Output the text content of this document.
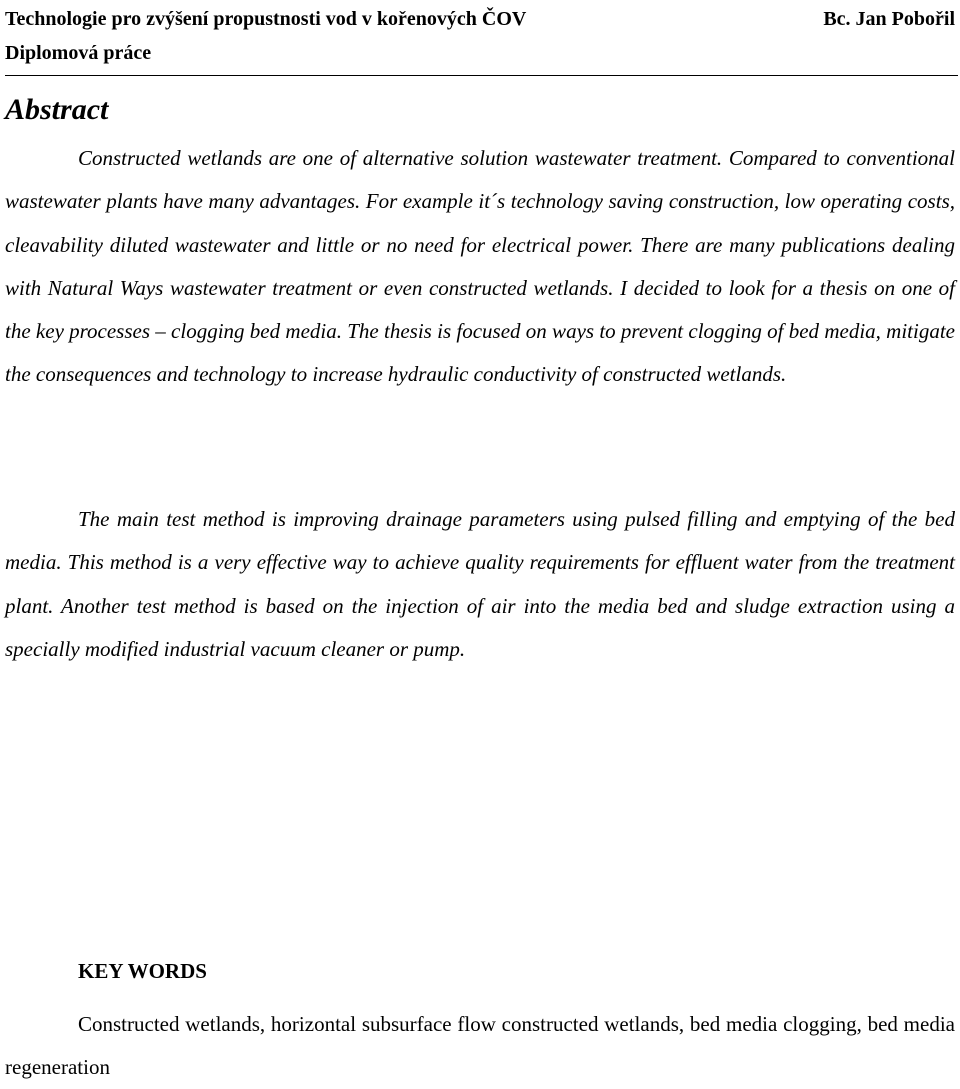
Technologie pro zvýšení propustnosti vod v kořenových ČOV	Bc. Jan Pobořil
Diplomová práce
Abstract

Constructed wetlands are one of alternative solution wastewater treatment. Compared to conventional wastewater plants have many advantages. For example it´s technology saving construction, low operating costs, cleavability diluted wastewater and little or no need for electrical power. There are many publications dealing with Natural Ways wastewater treatment or even constructed wetlands. I decided to look for a thesis on one of the key processes – clogging bed media. The thesis is focused on ways to prevent clogging of bed media, mitigate the consequences and technology to increase hydraulic conductivity of constructed wetlands.

The main test method is improving drainage parameters using pulsed filling and emptying of the bed media. This method is a very effective way to achieve quality requirements for effluent water from the treatment plant. Another test method is based on the injection of air into the media bed and sludge extraction using a specially modified industrial vacuum cleaner or pump.

KEY WORDS

Constructed wetlands, horizontal subsurface flow constructed wetlands, bed media clogging, bed media regeneration
